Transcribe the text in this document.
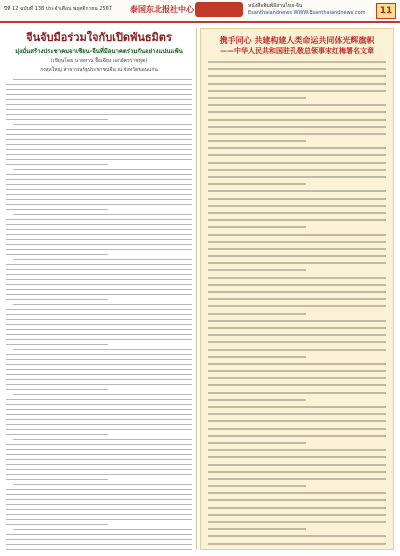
ปีที่ 12 ฉบับที่ 138 ประจำเดือน พฤศจิกายน 2567 泰国东北报社中心	หนังสือพิมพ์อีสานไทย-จีน
Esanthaiandnews WWW.Esanthaiandnews.com	11
จีนจับมือร่วมใจกับเปิดพันธมิตร

มุ่งมั่นสร้างประชาคมอาเซียน-จีนที่มีอนาคตร่วมกันอย่างแน่นแฟ้น

(เขียนโดย นายหาน จื้อเฉียง เอกอัครราชทูต)

กงสุลใหญ่ สาธารณรัฐประชาชนจีน ณ จังหวัดขอนแก่น

携手同心 共建构建人类命运共同体光辉旗帜

——中华人民共和国驻孔敬总领事宋红梅署名文章
